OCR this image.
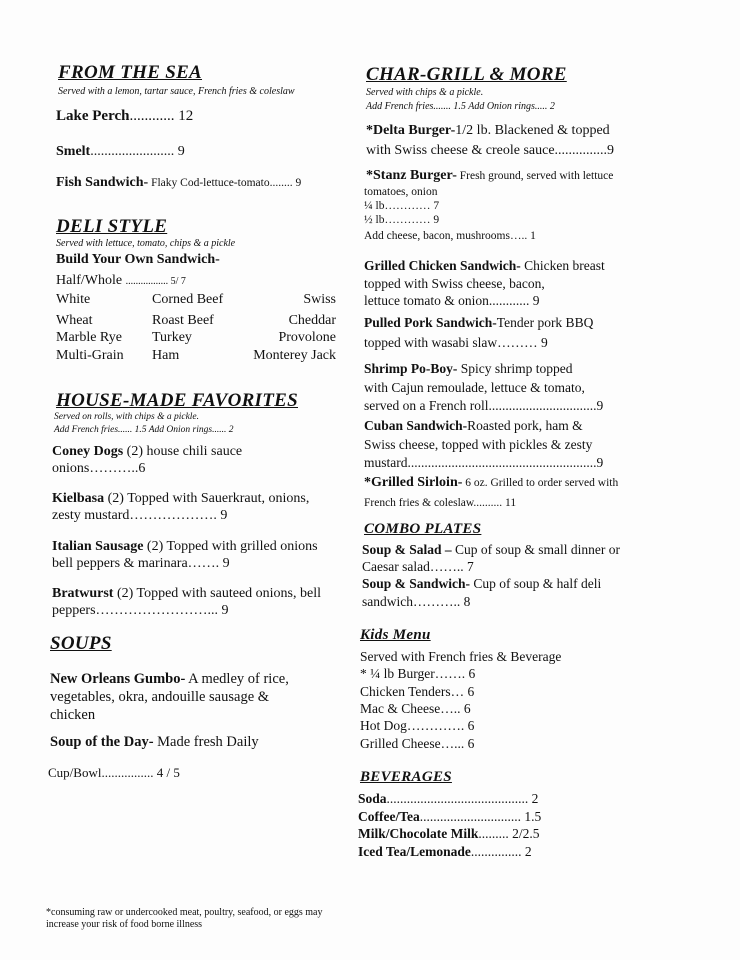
FROM THE SEA
Served with a lemon, tartar sauce, French fries & coleslaw
Lake Perch............ 12
Smelt........................ 9
Fish Sandwich- Flaky Cod-lettuce-tomato........ 9
DELI STYLE
Served with lettuce, tomato, chips & a pickle
Build Your Own Sandwich-
Half/Whole ................. 5/ 7
White
Wheat
Marble Rye
Multi-Grain
Corned Beef
Roast Beef
Turkey
Ham
Swiss
Cheddar
Provolone
Monterey Jack
HOUSE-MADE FAVORITES
Served on rolls, with chips & a pickle.
Add French fries...... 1.5 Add Onion rings...... 2
Coney Dogs (2) house chili sauce
onions………..6
Kielbasa (2) Topped with Sauerkraut, onions,
zesty mustard………………. 9
Italian Sausage (2) Topped with grilled onions
bell peppers & marinara……. 9
Bratwurst (2) Topped with sauteed onions, bell
peppers……………………... 9
SOUPS
New Orleans Gumbo- A medley of rice,
vegetables, okra, andouille sausage &
chicken
Soup of the Day- Made fresh Daily
Cup/Bowl................ 4 / 5
CHAR-GRILL & MORE
Served with chips & a pickle.
Add French fries....... 1.5 Add Onion rings..... 2
*Delta Burger-1/2 lb. Blackened & topped
with Swiss cheese & creole sauce...............9
*Stanz Burger- Fresh ground, served with lettuce
tomatoes, onion
¼ lb………… 7
½ lb………… 9
Add cheese, bacon, mushrooms….. 1
Grilled Chicken Sandwich- Chicken breast
topped with Swiss cheese, bacon,
lettuce tomato & onion............ 9
Pulled Pork Sandwich-Tender pork BBQ
topped with wasabi slaw……… 9
Shrimp Po-Boy- Spicy shrimp topped
with Cajun remoulade, lettuce & tomato,
served on a French roll................................9
Cuban Sandwich-Roasted pork, ham &
Swiss cheese, topped with pickles & zesty
mustard........................................................9
*Grilled Sirloin- 6 oz. Grilled to order served with
French fries & coleslaw.......... 11
COMBO PLATES
Soup & Salad – Cup of soup & small dinner or
Caesar salad…….. 7
Soup & Sandwich- Cup of soup & half deli
sandwich……….. 8
Kids Menu
Served with French fries & Beverage
* ¼ lb Burger……. 6
Chicken Tenders… 6
Mac & Cheese….. 6
Hot Dog…………. 6
Grilled Cheese…... 6
BEVERAGES
Soda.......................................... 2
Coffee/Tea.............................. 1.5
Milk/Chocolate Milk......... 2/2.5
Iced Tea/Lemonade............... 2
*consuming raw or undercooked meat, poultry, seafood, or eggs may increase your risk of food borne illness
